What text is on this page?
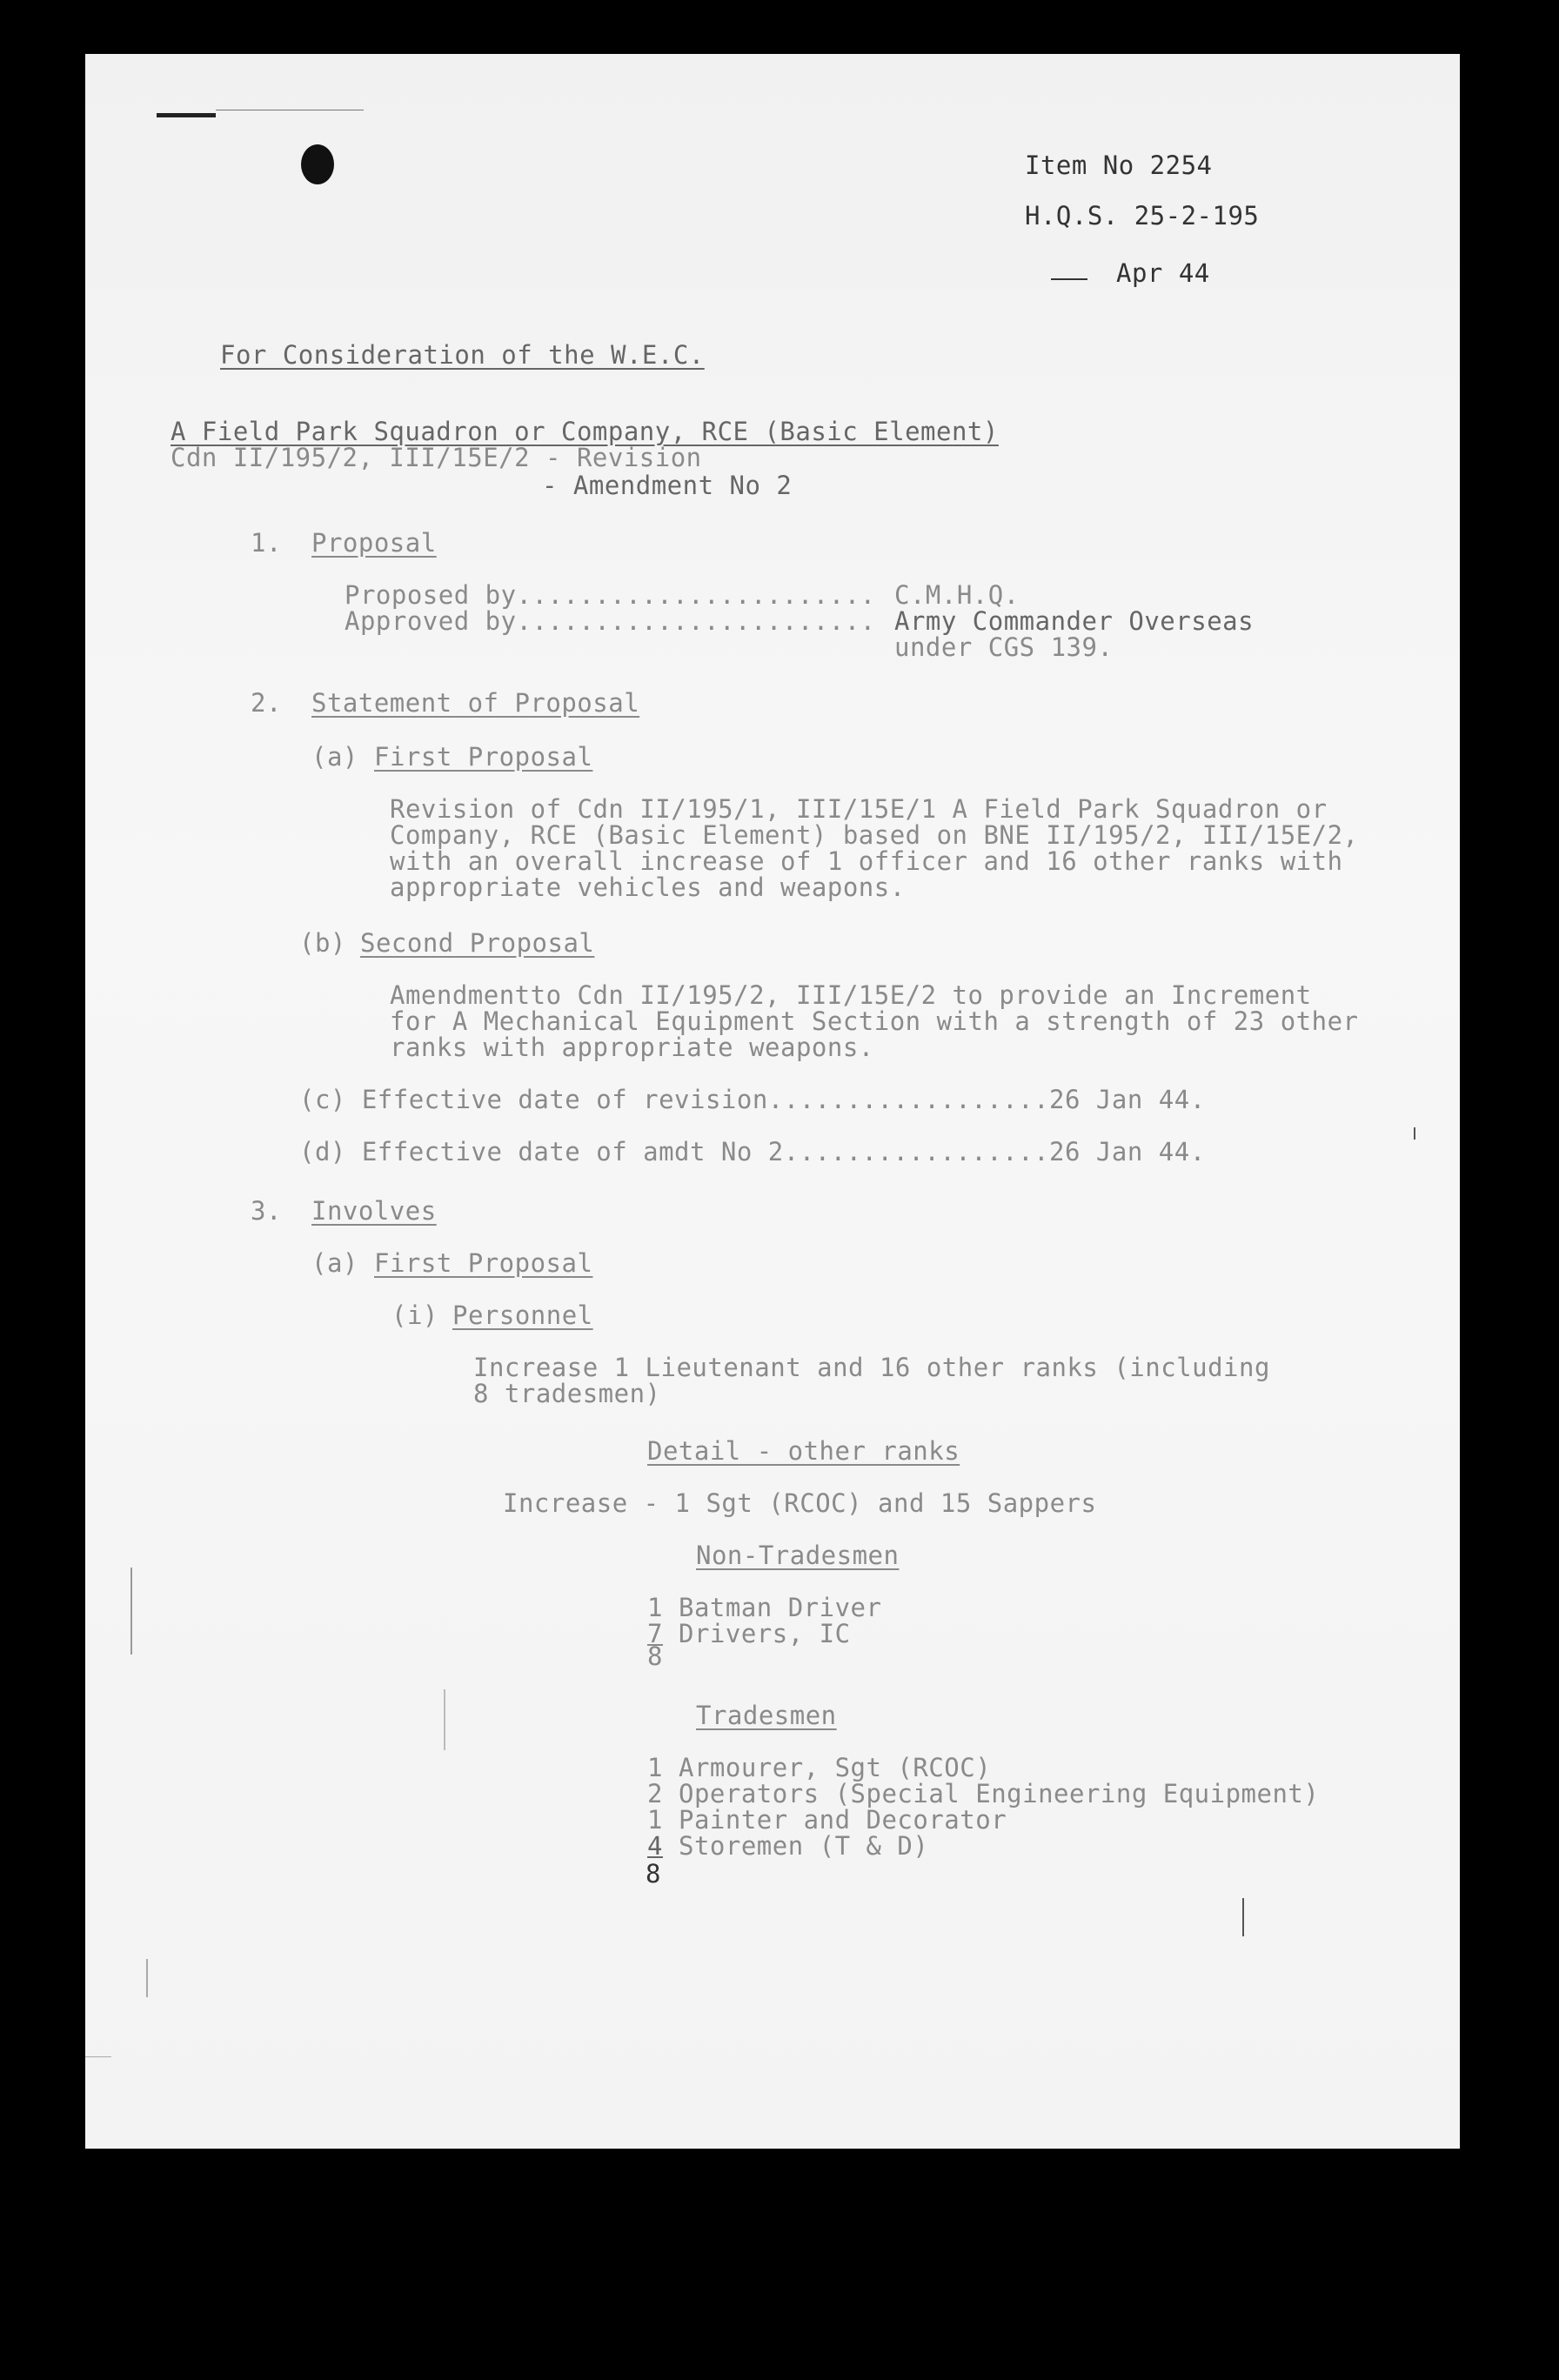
Item No 2254
H.Q.S. 25-2-195
Apr 44
For Consideration of the W.E.C.
A Field Park Squadron or Company, RCE (Basic Element)
Cdn II/195/2, III/15E/2 - Revision
- Amendment No 2
1. Proposal
Proposed by....................... C.M.H.Q.
Approved by....................... Army Commander Overseas
under CGS 139.
2. Statement of Proposal
(a) First Proposal
Revision of Cdn II/195/1, III/15E/1 A Field Park Squadron or
Company, RCE (Basic Element) based on BNE II/195/2, III/15E/2,
with an overall increase of 1 officer and 16 other ranks with
appropriate vehicles and weapons.
(b) Second Proposal
Amendmentto Cdn II/195/2, III/15E/2 to provide an Increment
for A Mechanical Equipment Section with a strength of 23 other
ranks with appropriate weapons.
(c) Effective date of revision..................26 Jan 44.
(d) Effective date of amdt No 2.................26 Jan 44.
3. Involves
(a) First Proposal
(i) Personnel
Increase 1 Lieutenant and 16 other ranks (including
8 tradesmen)
Detail - other ranks
Increase - 1 Sgt (RCOC) and 15 Sappers
Non-Tradesmen
1 Batman Driver
7 Drivers, IC
8
Tradesmen
1 Armourer, Sgt (RCOC)
2 Operators (Special Engineering Equipment)
1 Painter and Decorator
4 Storemen (T & D)
8
